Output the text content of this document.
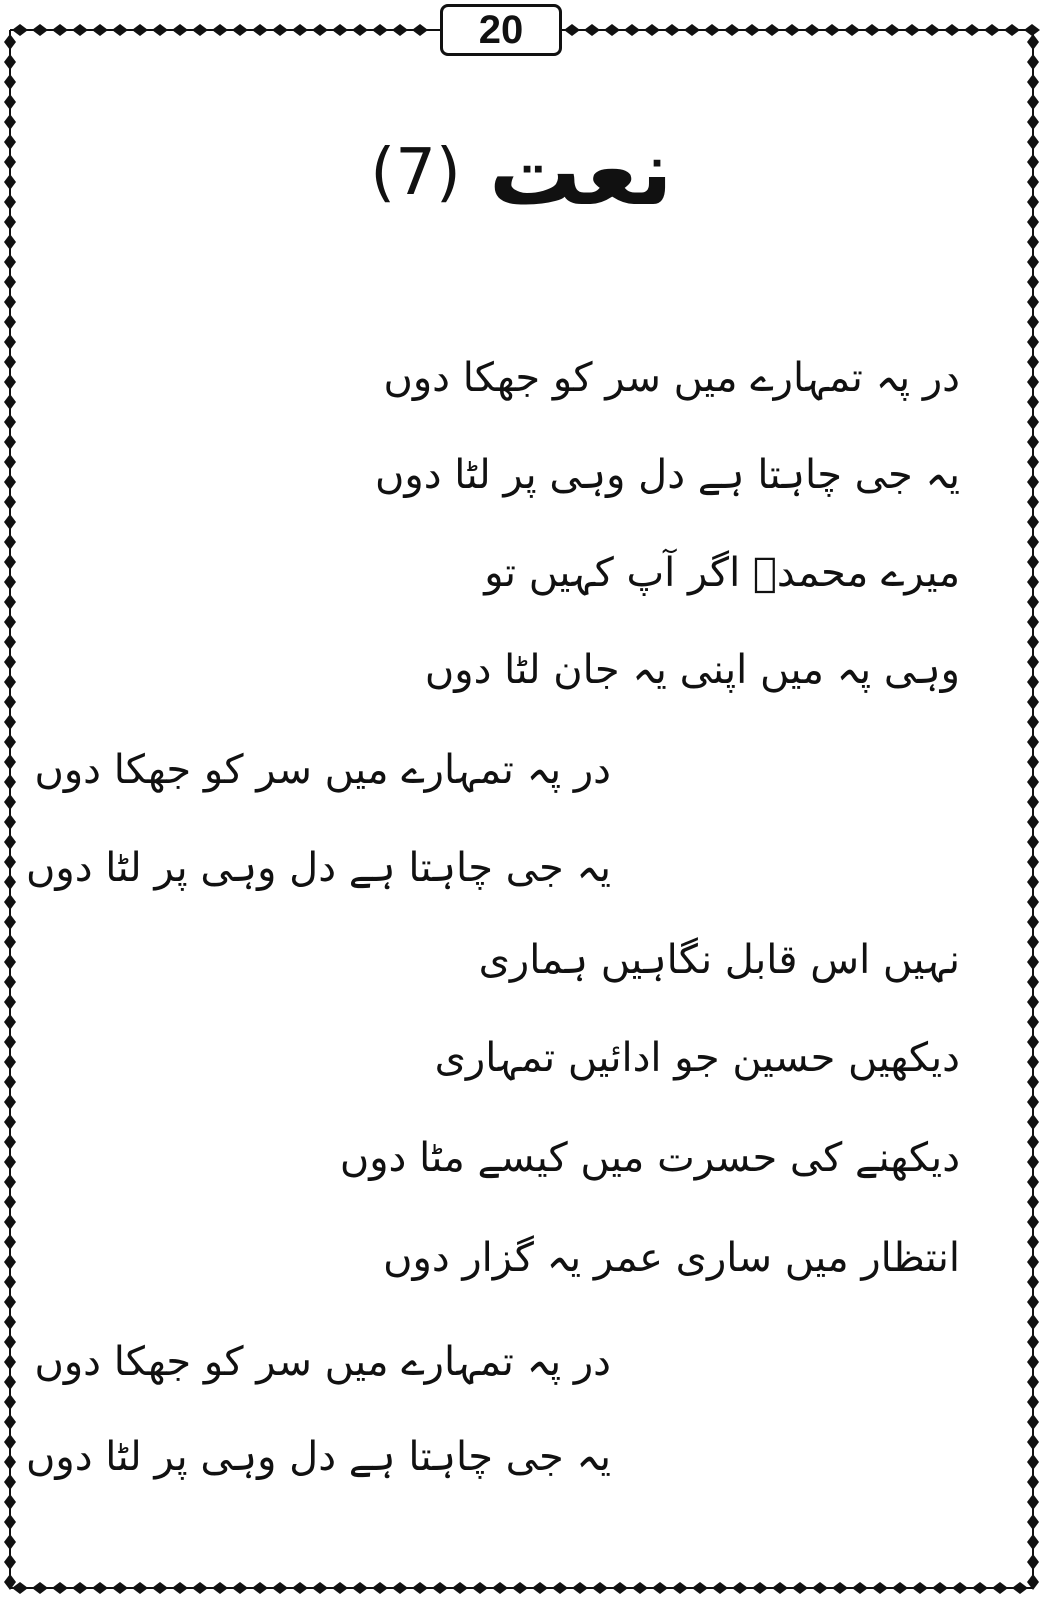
20
(7) نعت
در پہ تمہارے میں سر کو جھکا دوں
یہ جی چاہتا ہے دل وہی پر لٹا دوں
میرے محمدؐ اگر آپ کہیں تو
وہی پہ میں اپنی یہ جان لٹا دوں
در پہ تمہارے میں سر کو جھکا دوں
یہ جی چاہتا ہے دل وہی پر لٹا دوں
نہیں اس قابل نگاہیں ہماری
دیکھیں حسین جو ادائیں تمہاری
دیکھنے کی حسرت میں کیسے مٹا دوں
انتظار میں ساری عمر یہ گزار دوں
در پہ تمہارے میں سر کو جھکا دوں
یہ جی چاہتا ہے دل وہی پر لٹا دوں
